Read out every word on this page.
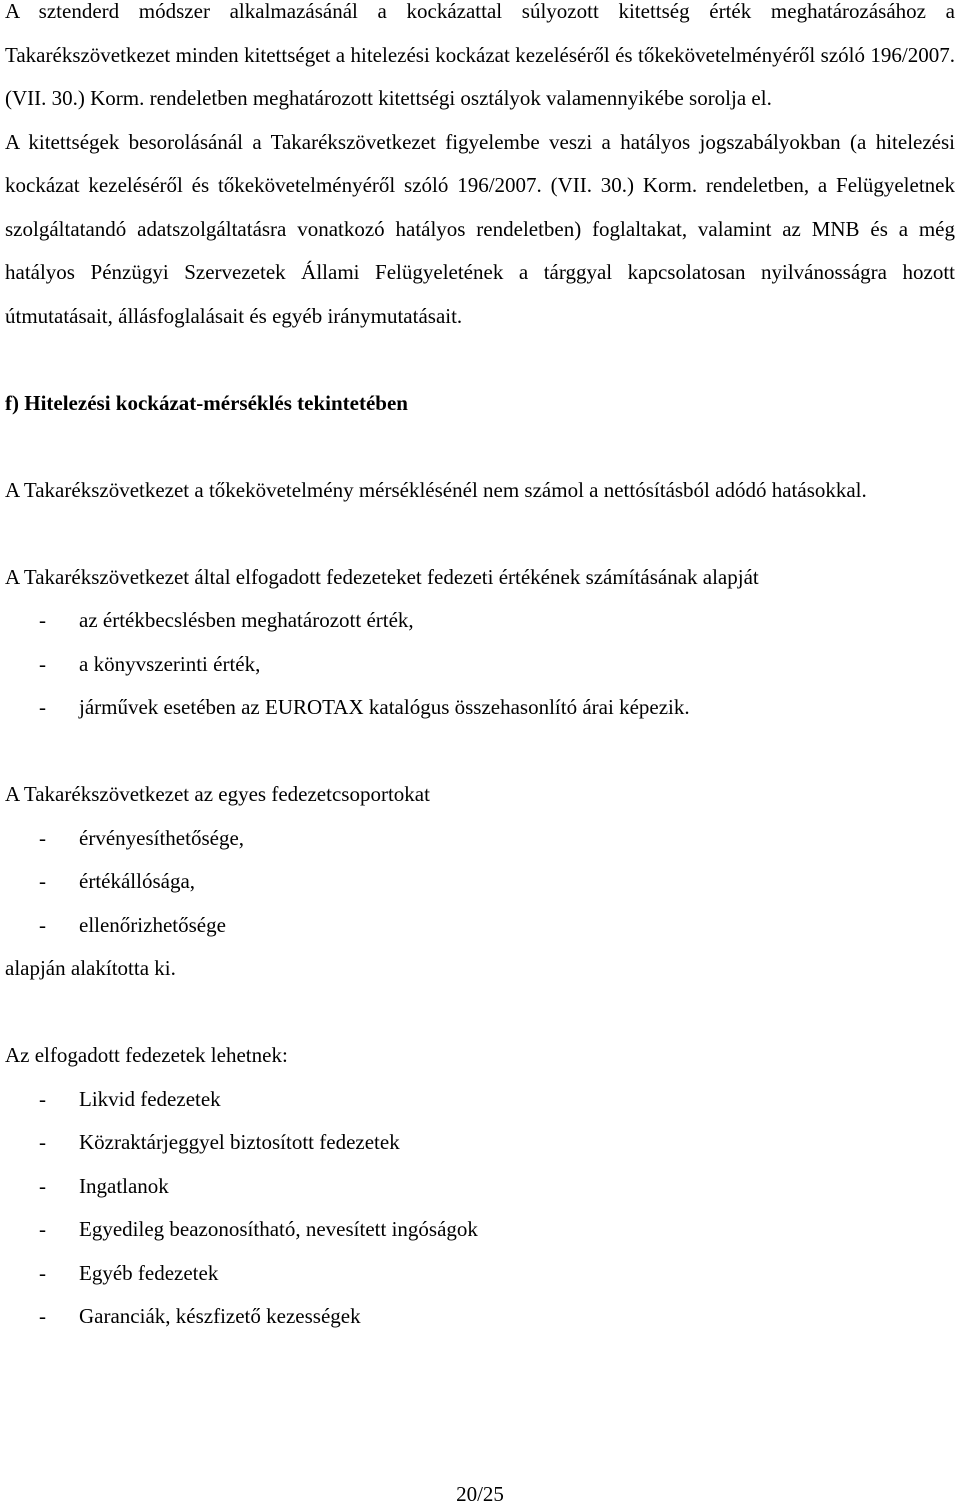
A sztenderd módszer alkalmazásánál a kockázattal súlyozott kitettség érték meghatározásához a Takarékszövetkezet minden kitettséget a hitelezési kockázat kezeléséről és tőkekövetelményéről szóló 196/2007. (VII. 30.) Korm. rendeletben meghatározott kitettségi osztályok valamennyikébe sorolja el.

A kitettségek besorolásánál a Takarékszövetkezet figyelembe veszi a hatályos jogszabályokban (a hitelezési kockázat kezeléséről és tőkekövetelményéről szóló 196/2007. (VII. 30.) Korm. rendeletben, a Felügyeletnek szolgáltatandó adatszolgáltatásra vonatkozó hatályos rendeletben) foglaltakat, valamint az MNB és a még hatályos Pénzügyi Szervezetek Állami Felügyeletének a tárggyal kapcsolatosan nyilvánosságra hozott útmutatásait, állásfoglalásait és egyéb iránymutatásait.

f) Hitelezési kockázat-mérséklés tekintetében

A Takarékszövetkezet a tőkekövetelmény mérséklésénél nem számol a nettósításból adódó hatásokkal.

A Takarékszövetkezet által elfogadott fedezeteket fedezeti értékének számításának alapját

- az értékbecslésben meghatározott érték,
- a könyvszerinti érték,
- járművek esetében az EUROTAX katalógus összehasonlító árai képezik.

A Takarékszövetkezet az egyes fedezetcsoportokat

- érvényesíthetősége,
- értékállósága,
- ellenőrizhetősége

alapján alakította ki.

Az elfogadott fedezetek lehetnek:

- Likvid fedezetek
- Közraktárjeggyel biztosított fedezetek
- Ingatlanok
- Egyedileg beazonosítható, nevesített ingóságok
- Egyéb fedezetek
- Garanciák, készfizető kezességek
20/25
